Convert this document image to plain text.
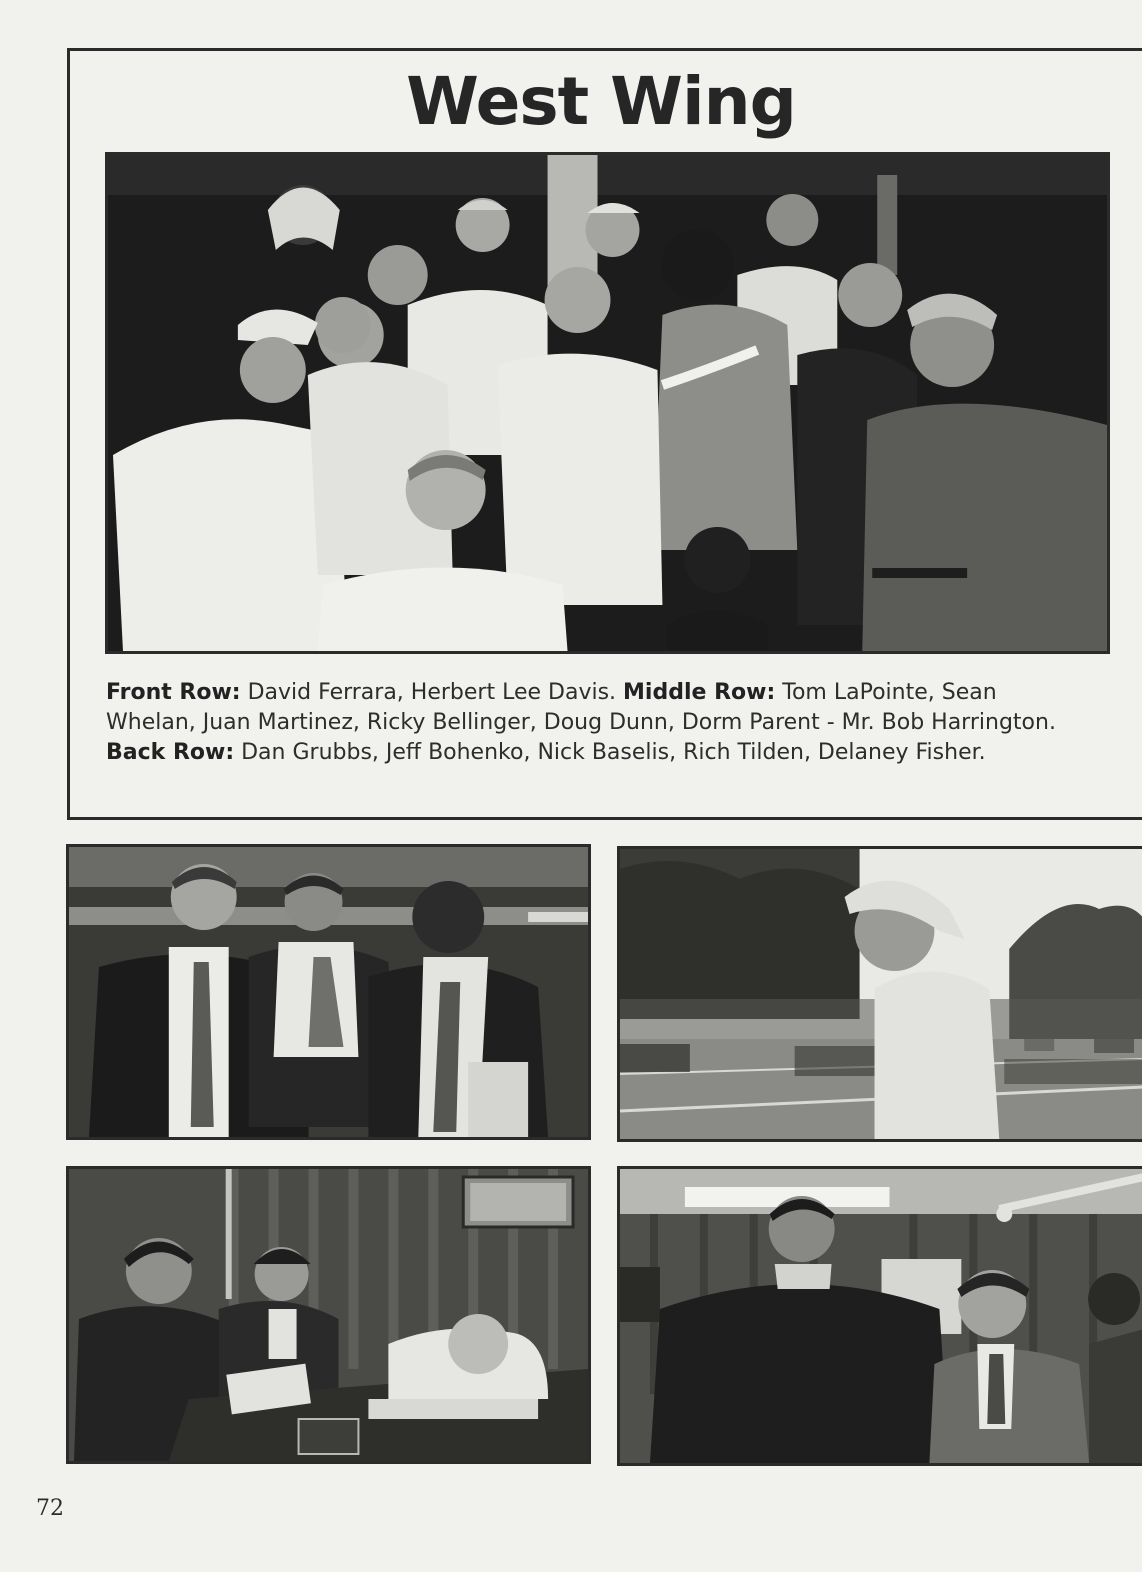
West Wing
Front Row: David Ferrara, Herbert Lee Davis. Middle Row: Tom LaPointe, Sean Whelan, Juan Martinez, Ricky Bellinger, Doug Dunn, Dorm Parent - Mr. Bob Harrington. Back Row: Dan Grubbs, Jeff Bohenko, Nick Baselis, Rich Tilden, Delaney Fisher.
72
